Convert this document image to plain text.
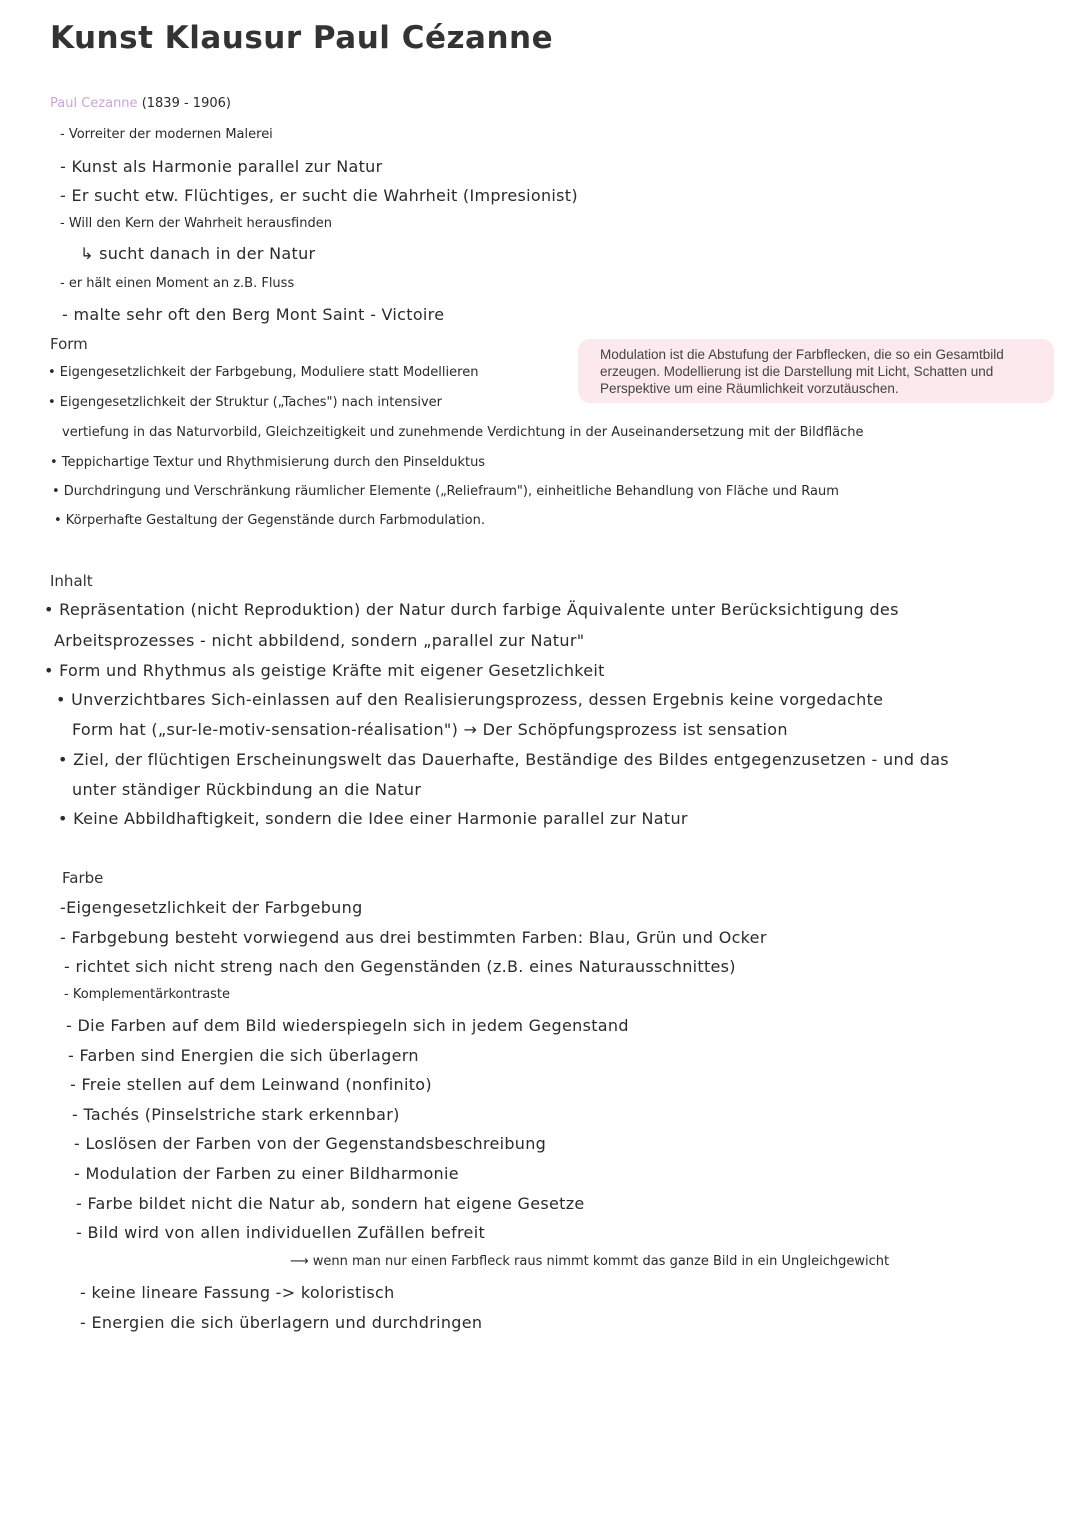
Kunst Klausur Paul Cézanne
Paul Cezanne (1839 - 1906)
- Vorreiter der modernen Malerei
- Kunst als Harmonie parallel zur Natur
- Er sucht etw. Flüchtiges, er sucht die Wahrheit (Impresionist)
- Will den Kern der Wahrheit herausfinden
↳ sucht danach in der Natur
- er hält einen Moment an z.B. Fluss
- malte sehr oft den Berg Mont Saint - Victoire
Form
Modulation ist die Abstufung der Farbflecken, die so ein Gesamtbild erzeugen. Modellierung ist die Darstellung mit Licht, Schatten und Perspektive um eine Räumlichkeit vorzutäuschen.
• Eigengesetzlichkeit der Farbgebung, Moduliere statt Modellieren
• Eigengesetzlichkeit der Struktur („Taches") nach intensiver
vertiefung in das Naturvorbild, Gleichzeitigkeit und zunehmende Verdichtung in der Auseinandersetzung mit der Bildfläche
• Teppichartige Textur und Rhythmisierung durch den Pinselduktus
• Durchdringung und Verschränkung räumlicher Elemente („Reliefraum"), einheitliche Behandlung von Fläche und Raum
• Körperhafte Gestaltung der Gegenstände durch Farbmodulation.
Inhalt
• Repräsentation (nicht Reproduktion) der Natur durch farbige Äquivalente unter Berücksichtigung des
Arbeitsprozesses - nicht abbildend, sondern „parallel zur Natur"
• Form und Rhythmus als geistige Kräfte mit eigener Gesetzlichkeit
• Unverzichtbares Sich-einlassen auf den Realisierungsprozess, dessen Ergebnis keine vorgedachte
Form hat („sur-le-motiv-sensation-réalisation") → Der Schöpfungsprozess ist sensation
• Ziel, der flüchtigen Erscheinungswelt das Dauerhafte, Beständige des Bildes entgegenzusetzen - und das
unter ständiger Rückbindung an die Natur
• Keine Abbildhaftigkeit, sondern die Idee einer Harmonie parallel zur Natur
Farbe
-Eigengesetzlichkeit der Farbgebung
- Farbgebung besteht vorwiegend aus drei bestimmten Farben: Blau, Grün und Ocker
- richtet sich nicht streng nach den Gegenständen (z.B. eines Naturausschnittes)
- Komplementärkontraste
- Die Farben auf dem Bild wiederspiegeln sich in jedem Gegenstand
- Farben sind Energien die sich überlagern
- Freie stellen auf dem Leinwand (nonfinito)
- Tachés (Pinselstriche stark erkennbar)
- Loslösen der Farben von der Gegenstandsbeschreibung
- Modulation der Farben zu einer Bildharmonie
- Farbe bildet nicht die Natur ab, sondern hat eigene Gesetze
- Bild wird von allen individuellen Zufällen befreit
⟶ wenn man nur einen Farbfleck raus nimmt kommt das ganze Bild in ein Ungleichgewicht
- keine lineare Fassung -> koloristisch
- Energien die sich überlagern und durchdringen
